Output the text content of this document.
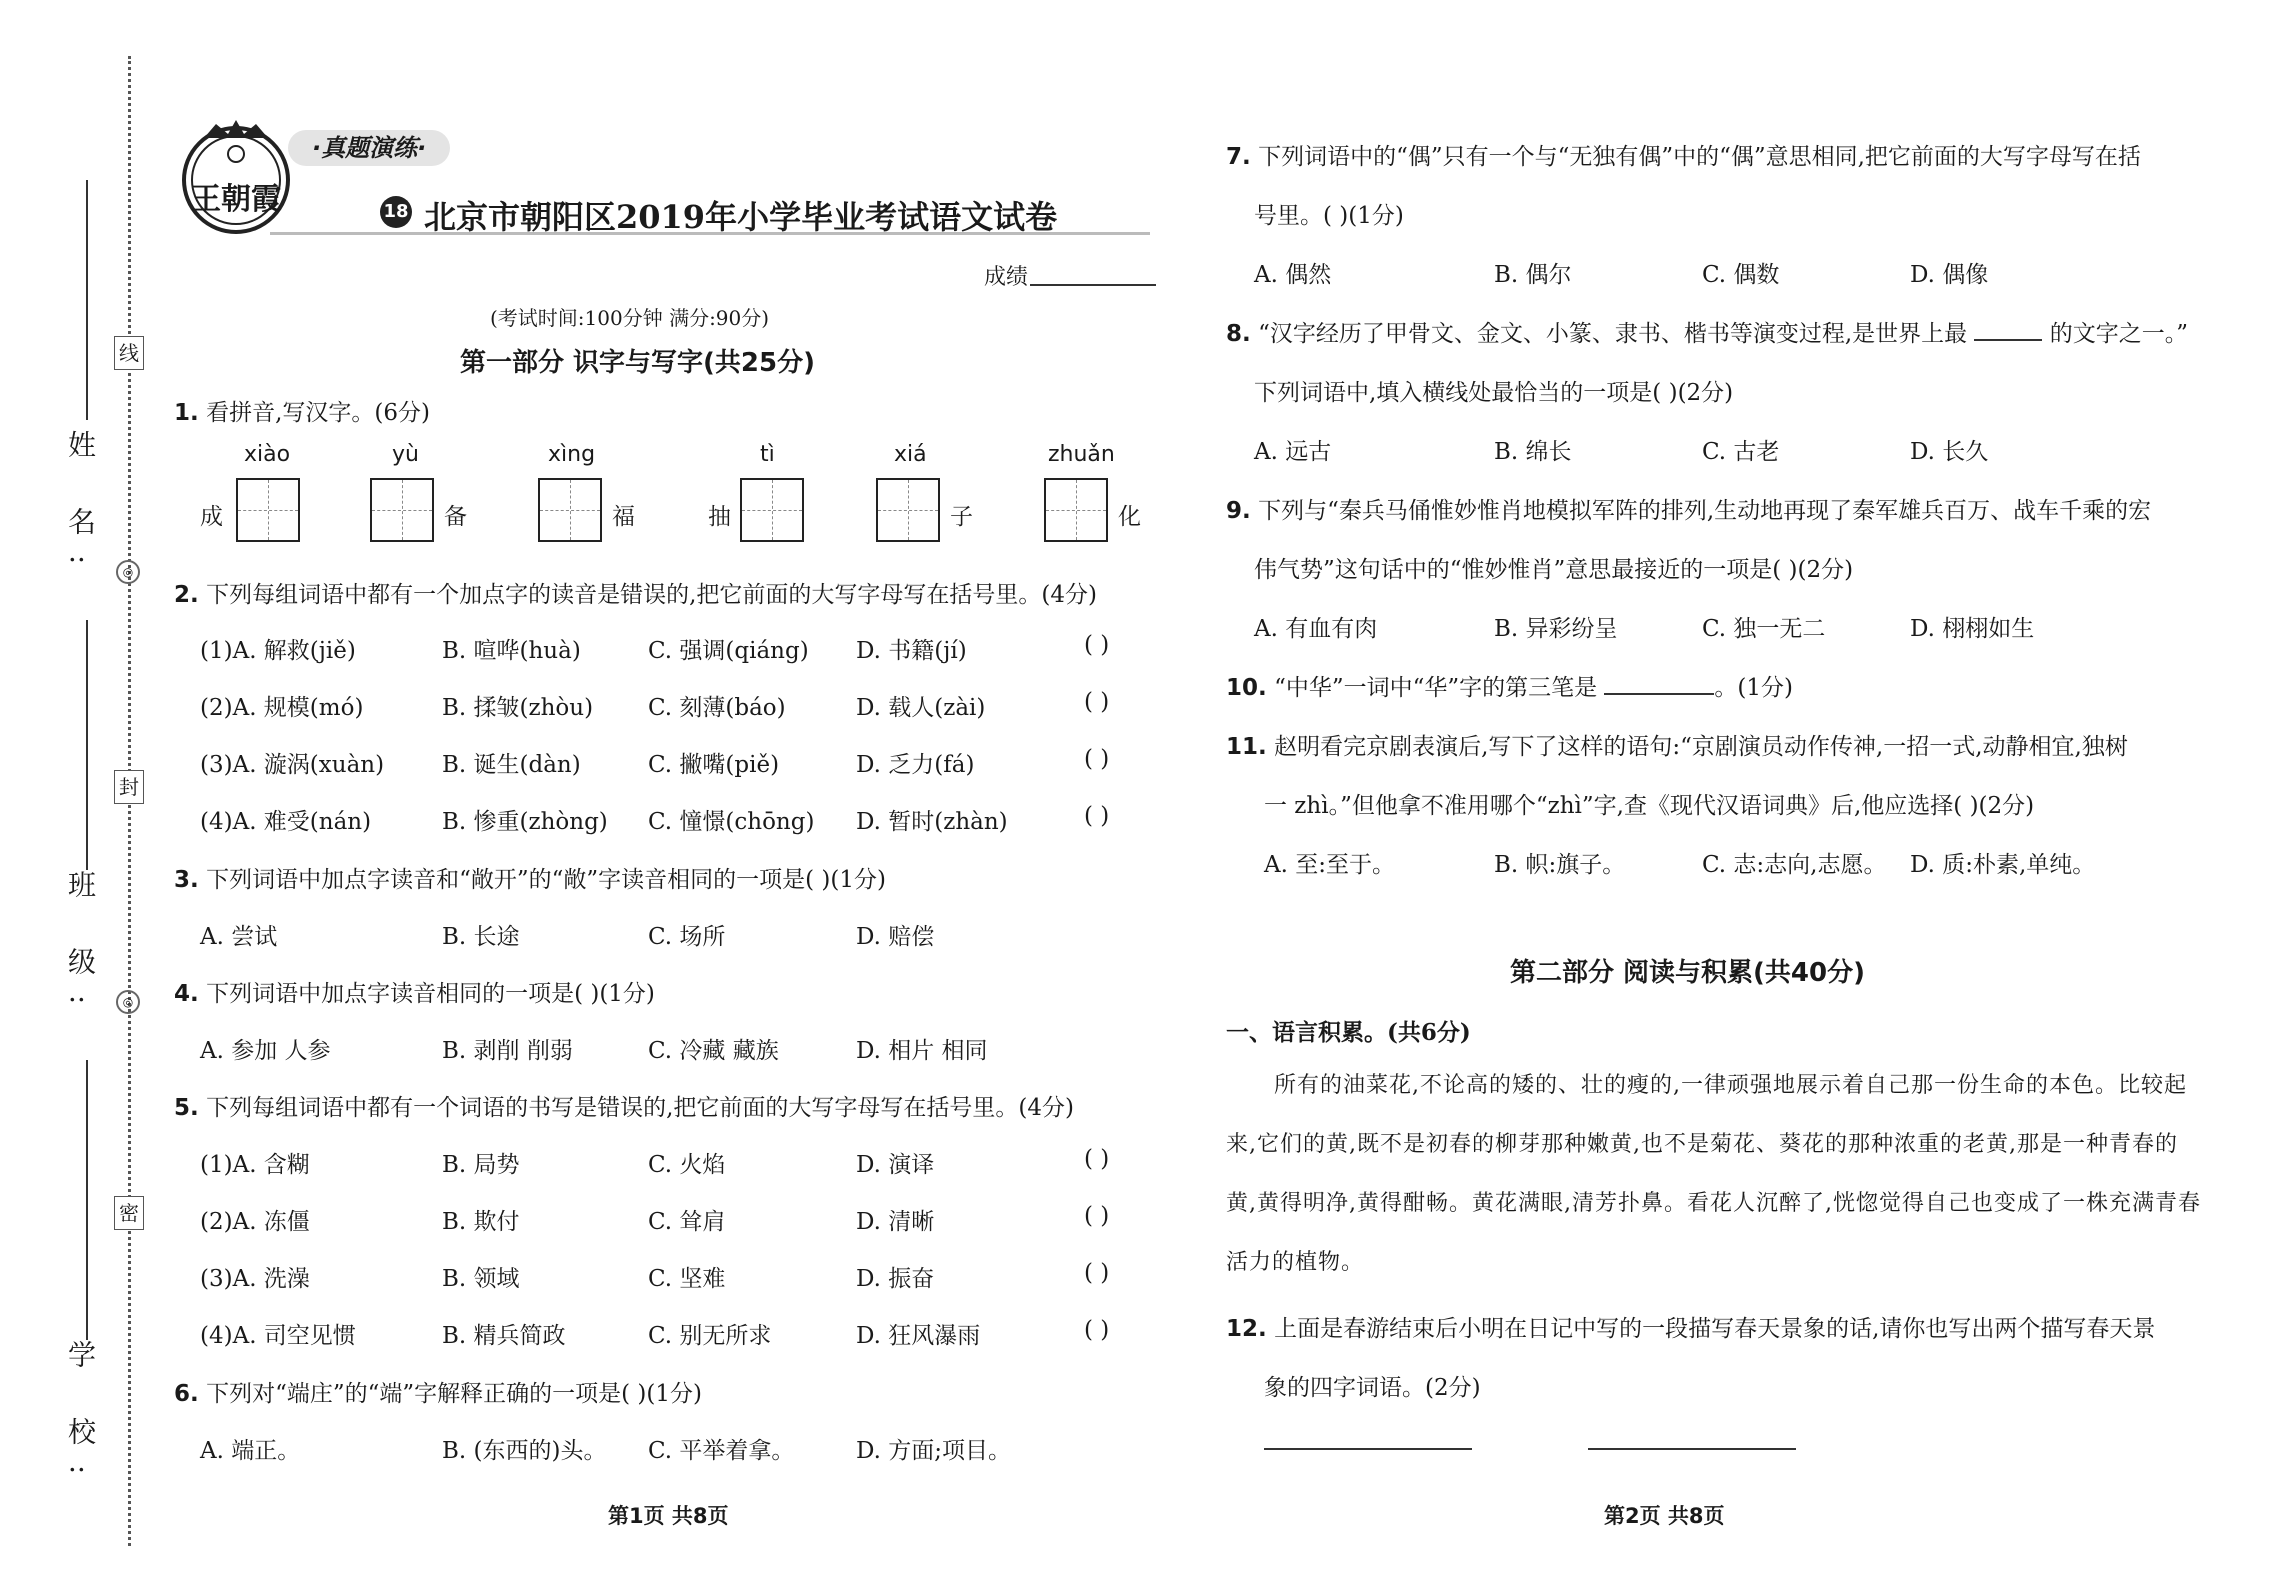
姓 名:
班 级:
学 校:
线
封
密
◎
◎
王朝霞
·真题演练·
18 北京市朝阳区2019年小学毕业考试语文试卷
成绩
(考试时间:100分钟 满分:90分)
第一部分 识字与写字(共25分)
1. 看拼音,写汉字。(6分)
xiào
成
yù
备
xìng
福
tì
抽
xiá
子
zhuǎn
化
2. 下列每组词语中都有一个加点字的读音是错误的,把它前面的大写字母写在括号里。(4分)
(1)A. 解救(jiě)	B. 喧哗(huà)	C. 强调(qiáng) D. 书籍(jí)	( )
(2)A. 规模(mó)	B. 揉皱(zhòu) C. 刻薄(báo)	D. 载人(zài)	( )
(3)A. 漩涡(xuàn)	B. 诞生(dàn)	C. 撇嘴(piě)	D. 乏力(fá)	( )
(4)A. 难受(nán)	B. 惨重(zhòng) C. 憧憬(chōng) D. 暂时(zhàn)	( )
3. 下列词语中加点字读音和“敞开”的“敞”字读音相同的一项是( )(1分)
A. 尝试	B. 长途	C. 场所	D. 赔偿
4. 下列词语中加点字读音相同的一项是( )(1分)
A. 参加 人参	B. 剥削 削弱	C. 冷藏 藏族	D. 相片 相同
5. 下列每组词语中都有一个词语的书写是错误的,把它前面的大写字母写在括号里。(4分)
(1)A. 含糊	B. 局势	C. 火焰	D. 演译	( )
(2)A. 冻僵	B. 欺付	C. 耸肩	D. 清晰	( )
(3)A. 洗澡	B. 领域	C. 坚难	D. 振奋	( )
(4)A. 司空见惯	B. 精兵简政	C. 别无所求	D. 狂风瀑雨	( )
6. 下列对“端庄”的“端”字解释正确的一项是( )(1分)
A. 端正。	B. (东西的)头。 C. 平举着拿。	D. 方面;项目。
第1页 共8页
7. 下列词语中的“偶”只有一个与“无独有偶”中的“偶”意思相同,把它前面的大写字母写在括
号里。( )(1分)
A. 偶然	B. 偶尔	C. 偶数	D. 偶像
8. “汉字经历了甲骨文、金文、小篆、隶书、楷书等演变过程,是世界上最	的文字之一。”
下列词语中,填入横线处最恰当的一项是( )(2分)
A. 远古	B. 绵长	C. 古老	D. 长久
9. 下列与“秦兵马俑惟妙惟肖地模拟军阵的排列,生动地再现了秦军雄兵百万、战车千乘的宏
伟气势”这句话中的“惟妙惟肖”意思最接近的一项是( )(2分)
A. 有血有肉	B. 异彩纷呈	C. 独一无二	D. 栩栩如生
10. “中华”一词中“华”字的第三笔是	。(1分)
11. 赵明看完京剧表演后,写下了这样的语句:“京剧演员动作传神,一招一式,动静相宜,独树
一 zhì。”但他拿不准用哪个“zhì”字,查《现代汉语词典》后,他应选择( )(2分)
A. 至:至于。	B. 帜:旗子。	C. 志:志向,志愿。 D. 质:朴素,单纯。
第二部分 阅读与积累(共40分)
一、语言积累。(共6分)
所有的油菜花,不论高的矮的、壮的瘦的,一律顽强地展示着自己那一份生命的本色。比较起来,它们的黄,既不是初春的柳芽那种嫩黄,也不是菊花、葵花的那种浓重的老黄,那是一种青春的黄,黄得明净,黄得酣畅。黄花满眼,清芳扑鼻。看花人沉醉了,恍惚觉得自己也变成了一株充满青春活力的植物。
12. 上面是春游结束后小明在日记中写的一段描写春天景象的话,请你也写出两个描写春天景
象的四字词语。(2分)
第2页 共8页
